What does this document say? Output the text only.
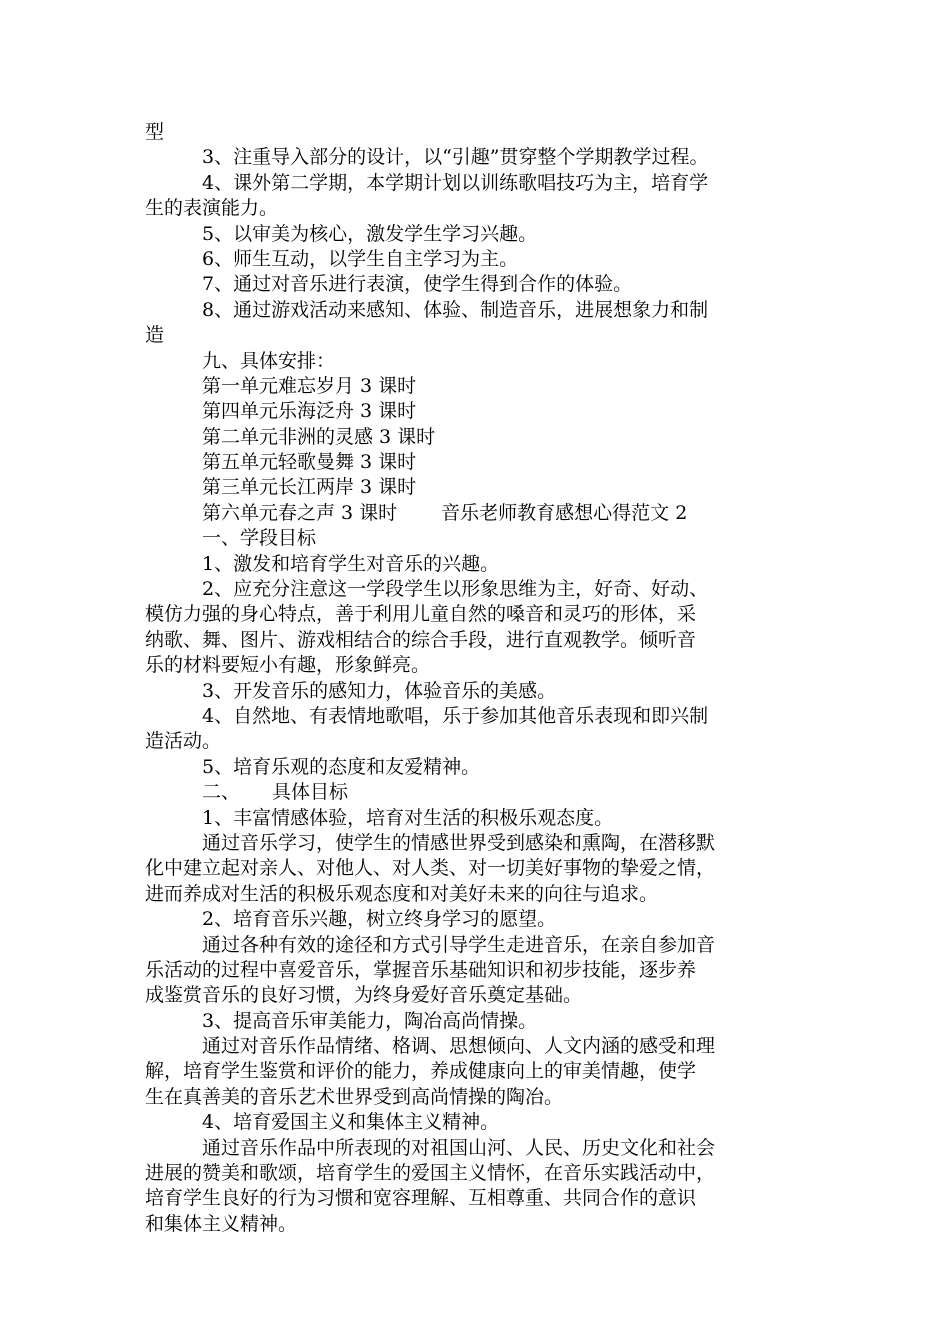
型
3、注重导入部分的设计，以“引趣”贯穿整个学期教学过程。
4、课外第二学期，本学期计划以训练歌唱技巧为主，培育学
生的表演能力。
5、以审美为核心，激发学生学习兴趣。
6、师生互动，以学生自主学习为主。
7、通过对音乐进行表演，使学生得到合作的体验。
8、通过游戏活动来感知、体验、制造音乐，进展想象力和制
造
九、具体安排：
第一单元难忘岁月 3 课时
第四单元乐海泛舟 3 课时
第二单元非洲的灵感 3 课时
第五单元轻歌曼舞 3 课时
第三单元长江两岸 3 课时
第六单元春之声 3 课时 音乐老师教育感想心得范文 2
一、学段目标
1、激发和培育学生对音乐的兴趣。
2、应充分注意这一学段学生以形象思维为主，好奇、好动、
模仿力强的身心特点，善于利用儿童自然的嗓音和灵巧的形体，采
纳歌、舞、图片、游戏相结合的综合手段，进行直观教学。倾听音
乐的材料要短小有趣，形象鲜亮。
3、开发音乐的感知力，体验音乐的美感。
4、自然地、有表情地歌唱，乐于参加其他音乐表现和即兴制
造活动。
5、培育乐观的态度和友爱精神。
二、 具体目标
1、丰富情感体验，培育对生活的积极乐观态度。
通过音乐学习，使学生的情感世界受到感染和熏陶，在潜移默
化中建立起对亲人、对他人、对人类、对一切美好事物的挚爱之情，
进而养成对生活的积极乐观态度和对美好未来的向往与追求。
2、培育音乐兴趣，树立终身学习的愿望。
通过各种有效的途径和方式引导学生走进音乐，在亲自参加音
乐活动的过程中喜爱音乐，掌握音乐基础知识和初步技能，逐步养
成鉴赏音乐的良好习惯，为终身爱好音乐奠定基础。
3、提高音乐审美能力，陶冶高尚情操。
通过对音乐作品情绪、格调、思想倾向、人文内涵的感受和理
解，培育学生鉴赏和评价的能力，养成健康向上的审美情趣，使学
生在真善美的音乐艺术世界受到高尚情操的陶冶。
4、培育爱国主义和集体主义精神。
通过音乐作品中所表现的对祖国山河、人民、历史文化和社会
进展的赞美和歌颂，培育学生的爱国主义情怀，在音乐实践活动中，
培育学生良好的行为习惯和宽容理解、互相尊重、共同合作的意识
和集体主义精神。
